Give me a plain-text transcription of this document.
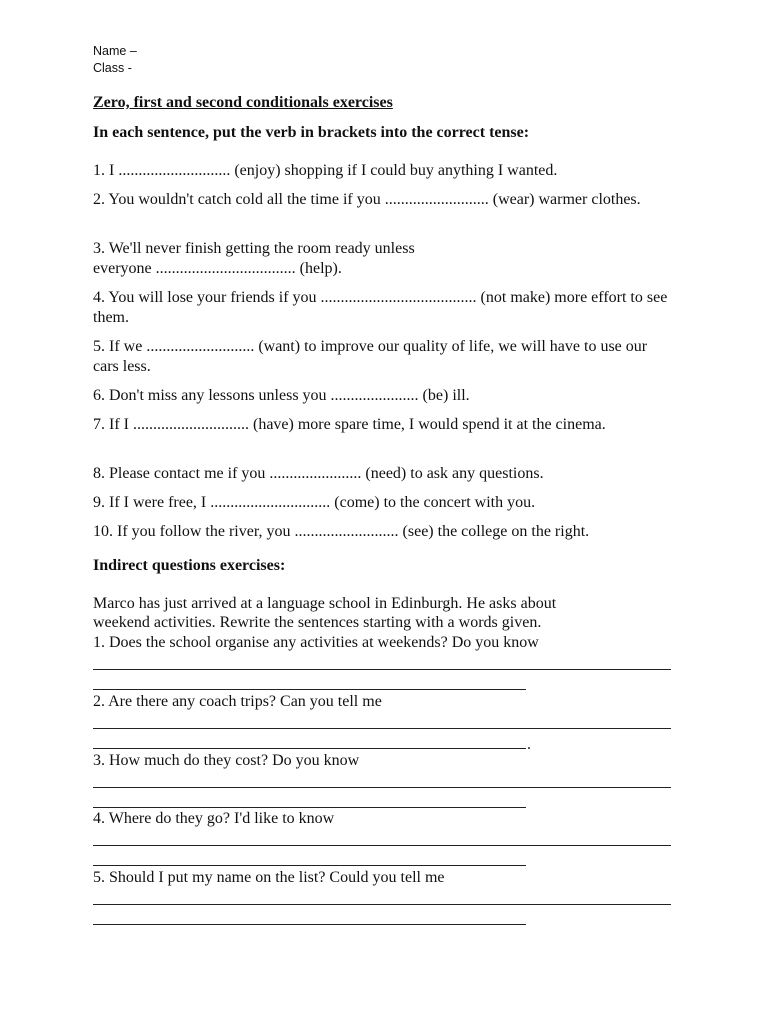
Name –
Class -
Zero, first and second conditionals exercises
In each sentence, put the verb in brackets into the correct tense:
1. I ............................ (enjoy) shopping if I could buy anything I wanted.
2. You wouldn't catch cold all the time if you .......................... (wear) warmer clothes.
3. We'll never finish getting the room ready unless
everyone ................................... (help).
4. You will lose your friends if you ....................................... (not make) more effort to see them.
5. If we ........................... (want) to improve our quality of life, we will have to use our cars less.
6. Don't miss any lessons unless you ...................... (be) ill.
7. If I ............................. (have) more spare time, I would spend it at the cinema.
8. Please contact me if you ....................... (need) to ask any questions.
9. If I were free, I .............................. (come) to the concert with you.
10. If you follow the river, you .......................... (see) the college on the right.
Indirect questions exercises:
Marco has just arrived at a language school in Edinburgh. He asks about
weekend activities. Rewrite the sentences starting with a words given.
1. Does the school organise any activities at weekends? Do you know
2. Are there any coach trips? Can you tell me
.
3. How much do they cost? Do you know
4. Where do they go? I'd like to know
5. Should I put my name on the list? Could you tell me
